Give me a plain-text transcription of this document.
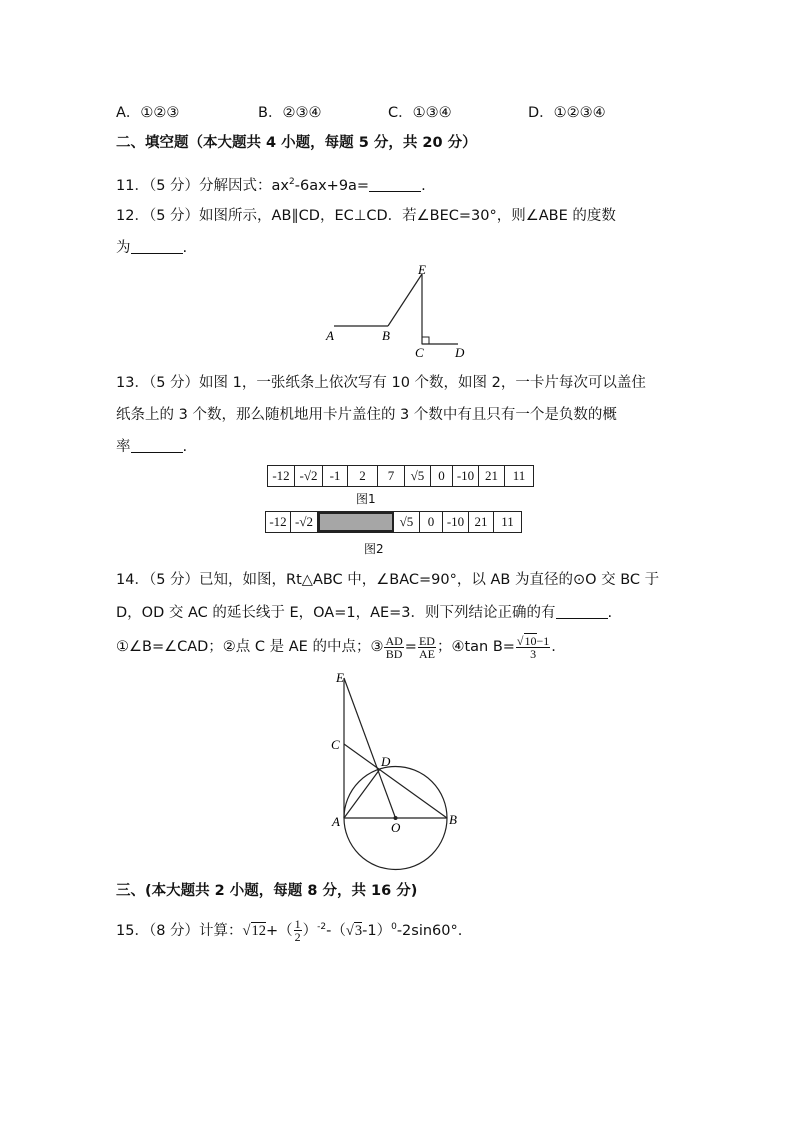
A．①②③	B．②③④	C．①③④	D．①②③④
二、填空题（本大题共 4 小题，每题 5 分，共 20 分）
11．（5 分）分解因式：$ax^2-6ax+9a=$	.
12．（5 分）如图所示，AB∥CD，EC⊥CD．若∠BEC=30°，则∠ABE 的度数
为	.
E
A	B
C D
13．（5 分）如图 1，一张纸条上依次写有 10 个数，如图 2，一卡片每次可以盖住
纸条上的 3 个数，那么随机地用卡片盖住的 3 个数中有且只有一个是负数的概
率	.
-12 -√2 -1	2	7	√5	0 -10 21	11
图1
-12 -√2	√5	0 -10 21	11
图2
14．（5 分）已知，如图，Rt△ABC 中，∠BAC=90°，以 AB 为直径的⊙O 交 BC 于
D，OD 交 AC 的延长线于 E，OA=1，AE=3．则下列结论正确的有	.
①∠B=∠CAD；②点 C 是 AE 的中点；③ $\frac{AD}{BD} = \frac{ED}{AE}$ ；④tan $B= \frac{√10-1}{3}$ .
E
C
D
A	O
B
三、(本大题共 2 小题，每题 8 分，共 16 分)
15．（8 分）计算：$√12+( \frac{1}{2} )^{-2}-(√3-1)^0-2\sin 60^\circ$.
